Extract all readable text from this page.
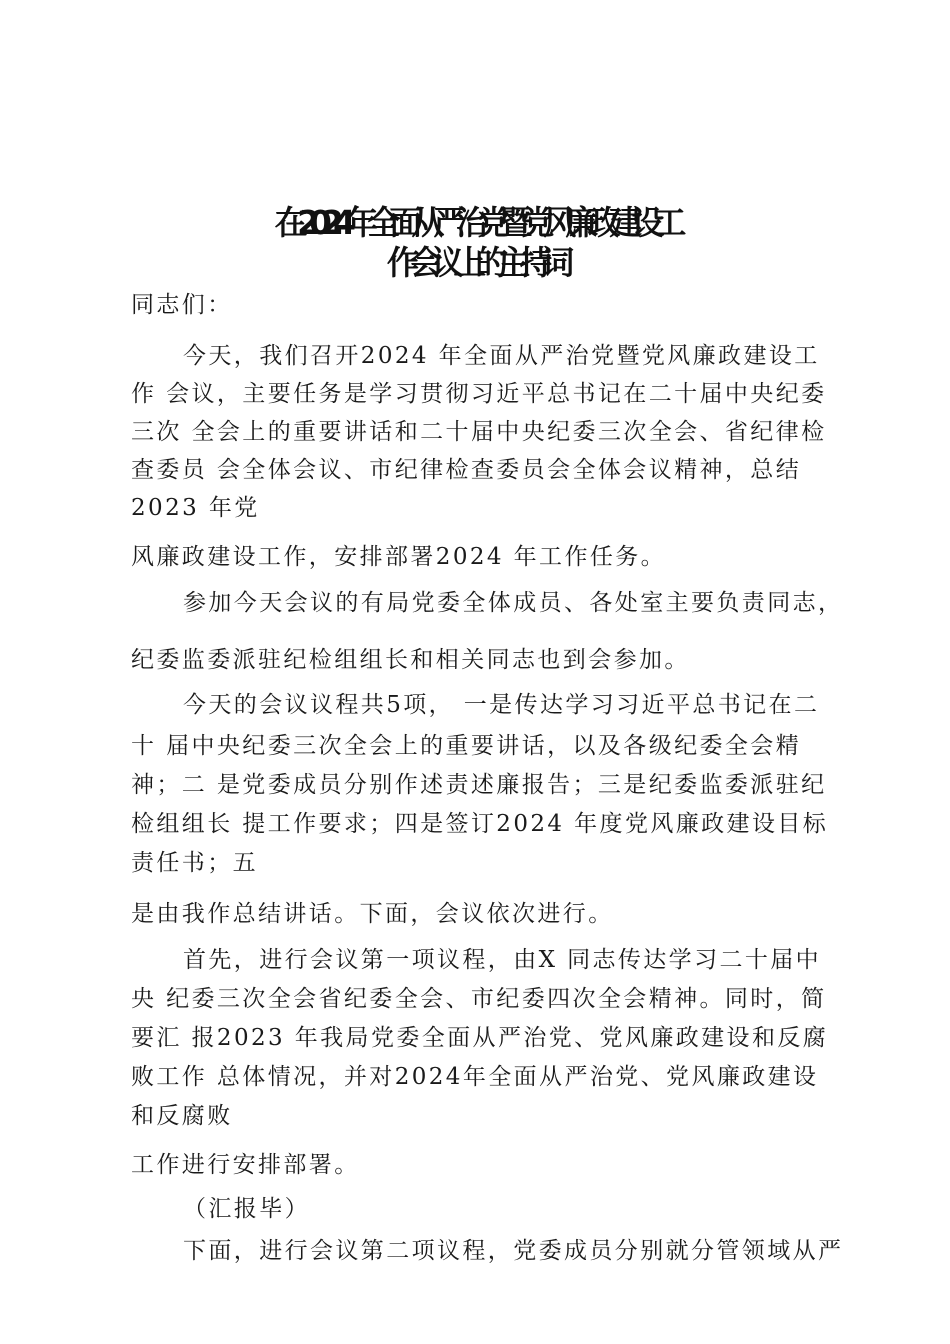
在 2024 年全面从严治党暨党风廉政建设工
作 会议上的主持词
同志们：
今天，我们召开2024 年全面从严治党暨党风廉政建设工
作 会议，主要任务是学习贯彻习近平总书记在二十届中央纪委
三次 全会上的重要讲话和二十届中央纪委三次全会、省纪律检
查委员 会全体会议、市纪律检查委员会全体会议精神，总结
2023 年党
风廉政建设工作，安排部署2024 年工作任务。
参加今天会议的有局党委全体成员、各处室主要负责同志，
纪委监委派驻纪检组组长和相关同志也到会参加。
今天的会议议程共5项， 一是传达学习习近平总书记在二
十 届中央纪委三次全会上的重要讲话，以及各级纪委全会精
神；二 是党委成员分别作述责述廉报告；三是纪委监委派驻纪
检组组长 提工作要求；四是签订2024 年度党风廉政建设目标
责任书；五
是由我作总结讲话。下面，会议依次进行。
首先，进行会议第一项议程，由X 同志传达学习二十届中
央 纪委三次全会省纪委全会、市纪委四次全会精神。同时，简
要汇 报2023 年我局党委全面从严治党、党风廉政建设和反腐
败工作 总体情况，并对2024年全面从严治党、党风廉政建设
和反腐败
工作进行安排部署。
（汇报毕）
下面，进行会议第二项议程，党委成员分别就分管领域从严
